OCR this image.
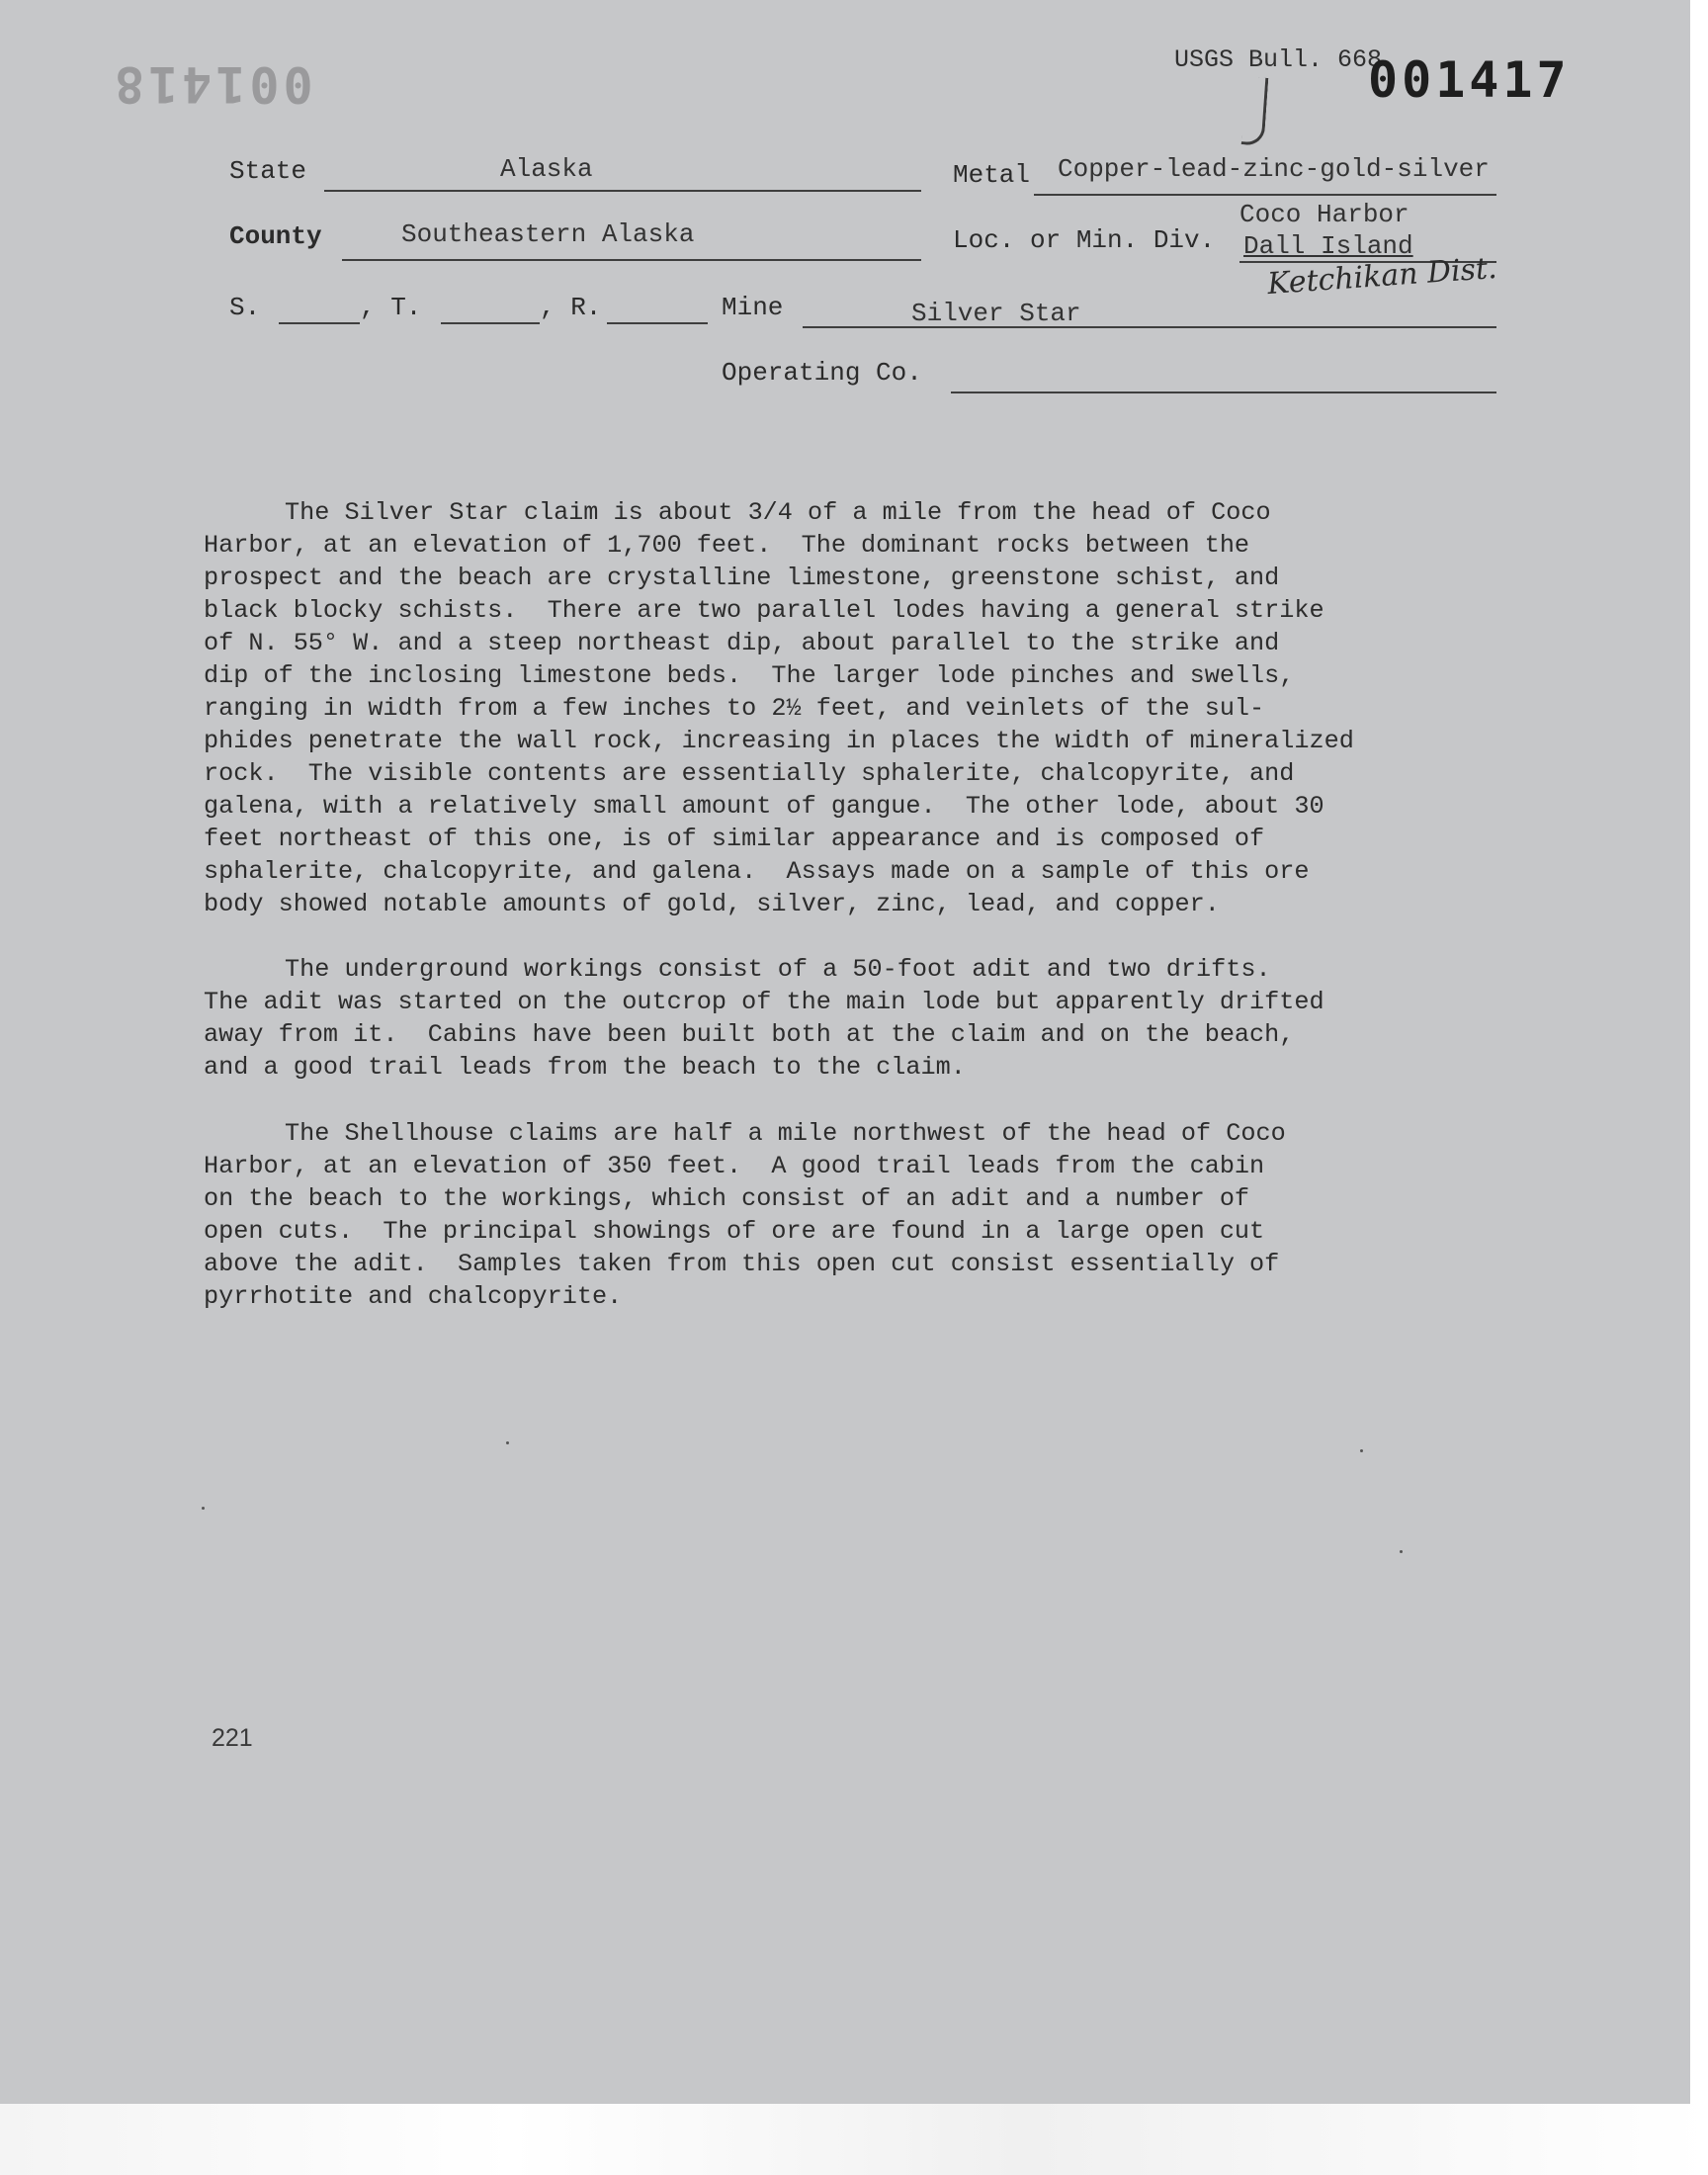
001418	USGS Bull. 668
001417
State	Alaska	Metal Copper-lead-zinc-gold-silver
County	Southeastern Alaska	Loc. or Min. Div.
Coco Harbor
Dall Island
Ketchikan Dist.
S.	, T.	, R.	Mine	Silver Star
Operating Co.

The Silver Star claim is about 3/4 of a mile from the head of Coco
Harbor, at an elevation of 1,700 feet.  The dominant rocks between the
prospect and the beach are crystalline limestone, greenstone schist, and
black blocky schists.  There are two parallel lodes having a general strike
of N. 55° W. and a steep northeast dip, about parallel to the strike and
dip of the inclosing limestone beds.  The larger lode pinches and swells,
ranging in width from a few inches to 2½ feet, and veinlets of the sul-
phides penetrate the wall rock, increasing in places the width of mineralized
rock.  The visible contents are essentially sphalerite, chalcopyrite, and
galena, with a relatively small amount of gangue.  The other lode, about 30
feet northeast of this one, is of similar appearance and is composed of
sphalerite, chalcopyrite, and galena.  Assays made on a sample of this ore
body showed notable amounts of gold, silver, zinc, lead, and copper.

The underground workings consist of a 50-foot adit and two drifts.
The adit was started on the outcrop of the main lode but apparently drifted
away from it.  Cabins have been built both at the claim and on the beach,
and a good trail leads from the beach to the claim.

The Shellhouse claims are half a mile northwest of the head of Coco
Harbor, at an elevation of 350 feet.  A good trail leads from the cabin
on the beach to the workings, which consist of an adit and a number of
open cuts.  The principal showings of ore are found in a large open cut
above the adit.  Samples taken from this open cut consist essentially of
pyrrhotite and chalcopyrite.

221
